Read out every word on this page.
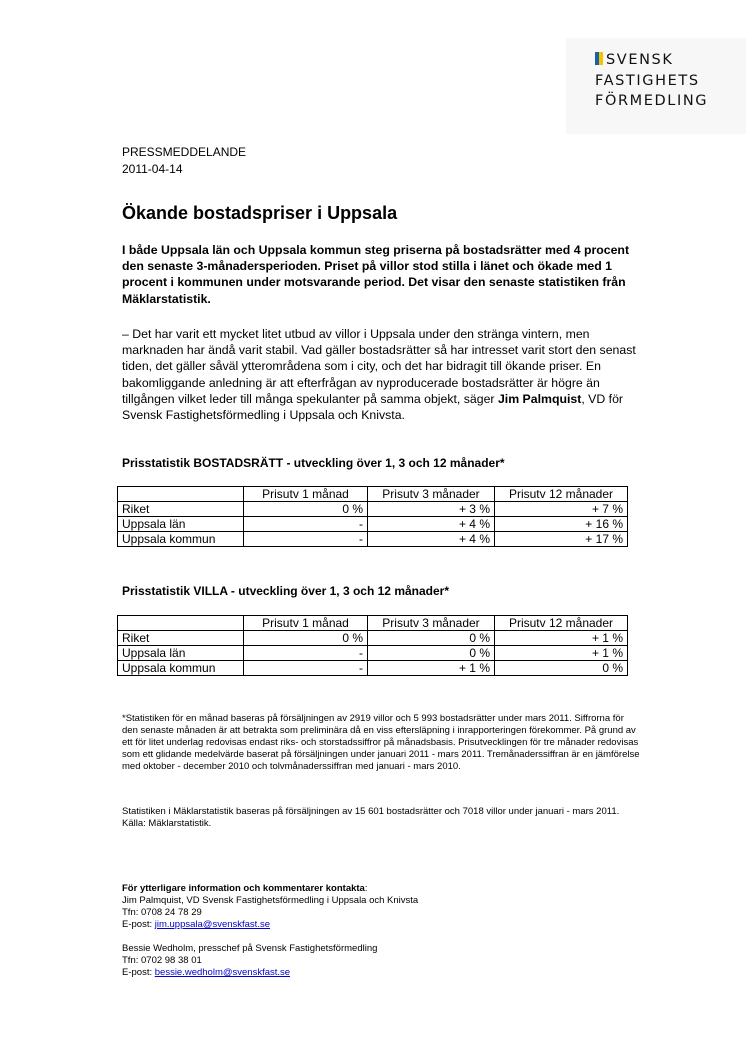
SVENSK
FASTIGHETS
FÖRMEDLING
PRESSMEDDELANDE
2011-04-14
Ökande bostadspriser i Uppsala

I både Uppsala län och Uppsala kommun steg priserna på bostadsrätter med 4 procent den senaste 3-månadersperioden. Priset på villor stod stilla i länet och ökade med 1 procent i kommunen under motsvarande period. Det visar den senaste statistiken från Mäklarstatistik.

– Det har varit ett mycket litet utbud av villor i Uppsala under den stränga vintern, men marknaden har ändå varit stabil. Vad gäller bostadsrätter så har intresset varit stort den senast tiden, det gäller såväl ytterområdena som i city, och det har bidragit till ökande priser. En bakomliggande anledning är att efterfrågan av nyproducerade bostadsrätter är högre än tillgången vilket leder till många spekulanter på samma objekt, säger Jim Palmquist, VD för Svensk Fastighetsförmedling i Uppsala och Knivsta.

Prisstatistik BOSTADSRÄTT - utveckling över 1, 3 och 12 månader*

	Prisutv 1 månad	Prisutv 3 månader	Prisutv 12 månader
Riket	0 %	+ 3 %	+ 7 %
Uppsala län	-	+ 4 %	+ 16 %
Uppsala kommun	-	+ 4 %	+ 17 %

Prisstatistik VILLA - utveckling över 1, 3 och 12 månader*

	Prisutv 1 månad	Prisutv 3 månader	Prisutv 12 månader
Riket	0 %	0 %	+ 1 %
Uppsala län	-	0 %	+ 1 %
Uppsala kommun	-	+ 1 %	0 %

*Statistiken för en månad baseras på försäljningen av 2919 villor och 5 993 bostadsrätter under mars 2011. Siffrorna för den senaste månaden är att betrakta som preliminära då en viss eftersläpning i inrapporteringen förekommer. På grund av ett för litet underlag redovisas endast riks- och storstadssiffror på månadsbasis. Prisutvecklingen för tre månader redovisas som ett glidande medelvärde baserat på försäljningen under januari 2011 - mars 2011. Tremånaderssiffran är en jämförelse med oktober - december 2010 och tolvmånaderssiffran med januari - mars 2010.

Statistiken i Mäklarstatistik baseras på försäljningen av 15 601 bostadsrätter och 7018 villor under januari - mars 2011.
Källa: Mäklarstatistik.

För ytterligare information och kommentarer kontakta:
Jim Palmquist, VD Svensk Fastighetsförmedling i Uppsala och Knivsta
Tfn: 0708 24 78 29
E-post: jim.uppsala@svenskfast.se
Bessie Wedholm, presschef på Svensk Fastighetsförmedling
Tfn: 0702 98 38 01
E-post: bessie.wedholm@svenskfast.se
